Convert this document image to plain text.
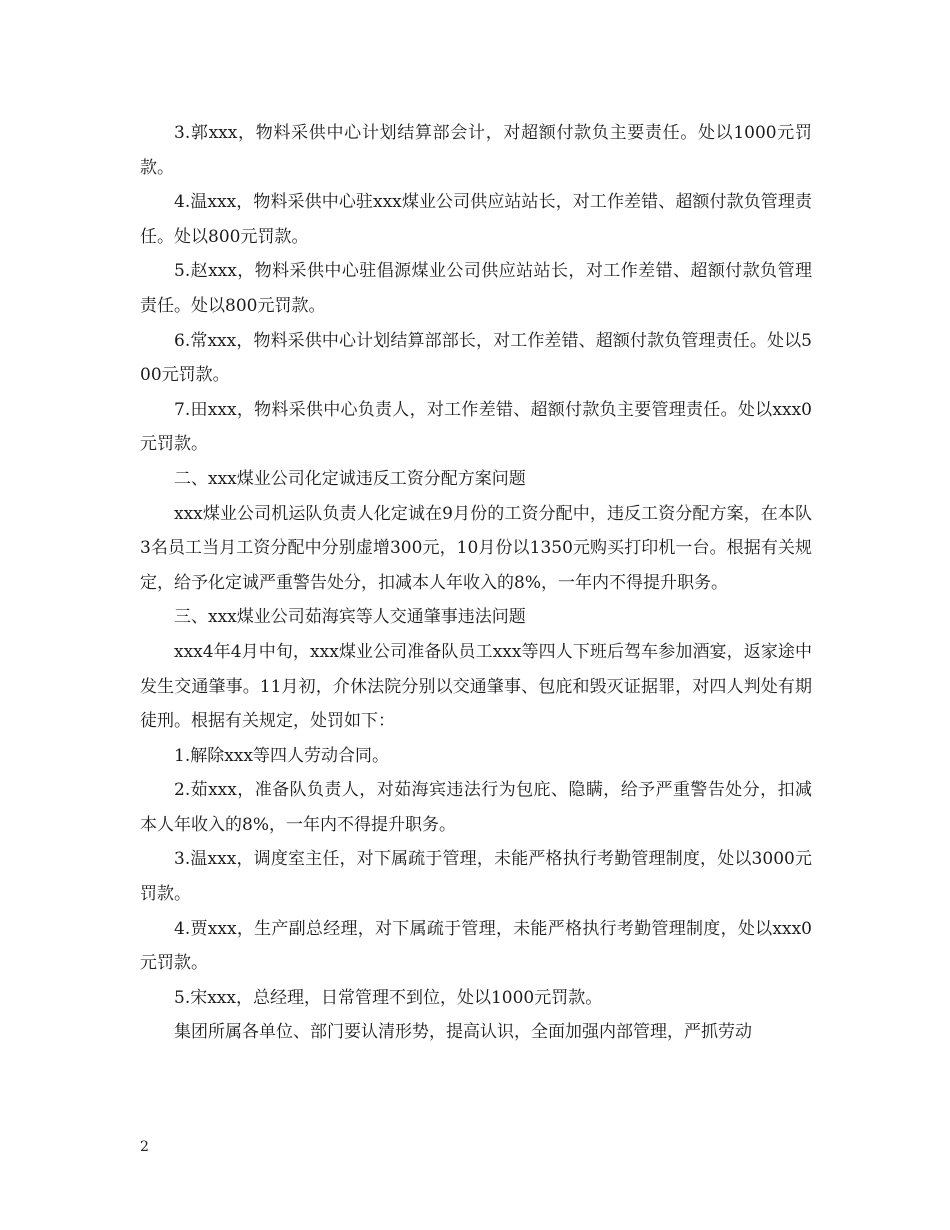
3.郭xxx，物料采供中心计划结算部会计，对超额付款负主要责任。处以1000元罚款。

4.温xxx，物料采供中心驻xxx煤业公司供应站站长，对工作差错、超额付款负管理责任。处以800元罚款。

5.赵xxx，物料采供中心驻倡源煤业公司供应站站长，对工作差错、超额付款负管理责任。处以800元罚款。

6.常xxx，物料采供中心计划结算部部长，对工作差错、超额付款负管理责任。处以500元罚款。

7.田xxx，物料采供中心负责人，对工作差错、超额付款负主要管理责任。处以xxx0元罚款。

二、xxx煤业公司化定诚违反工资分配方案问题

xxx煤业公司机运队负责人化定诚在9月份的工资分配中，违反工资分配方案，在本队3名员工当月工资分配中分别虚增300元，10月份以1350元购买打印机一台。根据有关规定，给予化定诚严重警告处分，扣减本人年收入的8%，一年内不得提升职务。

三、xxx煤业公司茹海宾等人交通肇事违法问题

xxx4年4月中旬，xxx煤业公司准备队员工xxx等四人下班后驾车参加酒宴，返家途中发生交通肇事。11月初，介休法院分别以交通肇事、包庇和毁灭证据罪，对四人判处有期徒刑。根据有关规定，处罚如下：

1.解除xxx等四人劳动合同。

2.茹xxx，准备队负责人，对茹海宾违法行为包庇、隐瞒，给予严重警告处分，扣减本人年收入的8%，一年内不得提升职务。

3.温xxx，调度室主任，对下属疏于管理，未能严格执行考勤管理制度，处以3000元罚款。

4.贾xxx，生产副总经理，对下属疏于管理，未能严格执行考勤管理制度，处以xxx0元罚款。

5.宋xxx，总经理，日常管理不到位，处以1000元罚款。

集团所属各单位、部门要认清形势，提高认识，全面加强内部管理，严抓劳动

2
